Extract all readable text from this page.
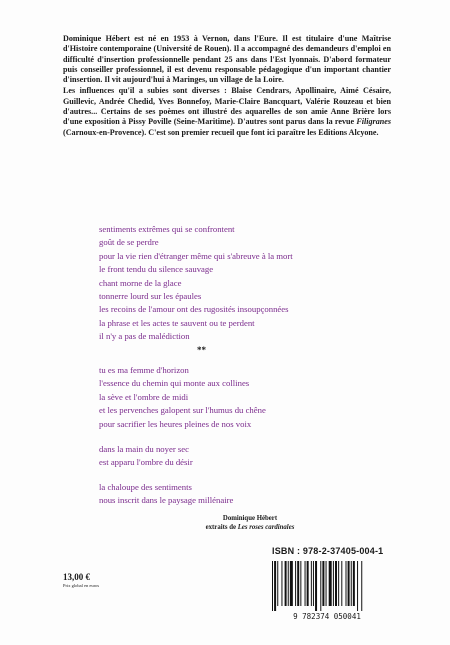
Dominique Hébert est né en 1953 à Vernon, dans l'Eure. Il est titulaire d'une Maîtrise d'Histoire contemporaine (Université de Rouen). Il a accompagné des demandeurs d'emploi en difficulté d'insertion professionnelle pendant 25 ans dans l'Est lyonnais. D'abord formateur puis conseiller professionnel, il est devenu responsable pédagogique d'un important chantier d'insertion. Il vit aujourd'hui à Maringes, un village de la Loire.

Les influences qu'il a subies sont diverses : Blaise Cendrars, Apollinaire, Aimé Césaire, Guillevic, Andrée Chedid, Yves Bonnefoy, Marie-Claire Bancquart, Valérie Rouzeau et bien d'autres... Certains de ses poèmes ont illustré des aquarelles de son amie Anne Brière lors d'une exposition à Pissy Poville (Seine-Maritime). D'autres sont parus dans la revue Filigranes (Carnoux-en-Provence). C'est son premier recueil que font ici paraître les Editions Alcyone.

sentiments extrêmes qui se confrontent
goût de se perdre
pour la vie rien d'étranger même qui s'abreuve à la mort
le front tendu du silence sauvage
chant morne de la glace
tonnerre lourd sur les épaules
les recoins de l'amour ont des rugosités insoupçonnées
la phrase et les actes te sauvent ou te perdent
il n'y a pas de malédiction
**
tu es ma femme d'horizon
l'essence du chemin qui monte aux collines
la sève et l'ombre de midi
et les pervenches galopent sur l'humus du chêne
pour sacrifier les heures pleines de nos voix
dans la main du noyer sec
est apparu l'ombre du désir
la chaloupe des sentiments
nous inscrit dans le paysage millénaire
Dominique Hébert
extraits de Les roses cardinales
13,00 €
Prix global en euros
ISBN : 978-2-37405-004-1
9 782374 050041
